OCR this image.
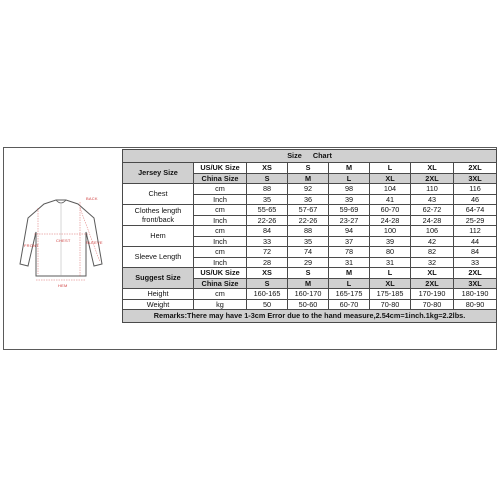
BACK
CHEST
FRONT
SLEEVE
HEM
Size Chart							
Jersey Size	US/UK Size	XS	S	M	L	XL	2XL
	China Size	S	M	L	XL	2XL	3XL
Chest	cm	88	92	98	104	110	116
	Inch	35	36	39	41	43	46
Clothes length front/back	cm	55-65	57-67	59-69	60-70	62-72	64-74
	Inch	22-26	22-26	23-27	24-28	24-28	25-29
Hem	cm	84	88	94	100	106	112
	Inch	33	35	37	39	42	44
Sleeve Length	cm	72	74	78	80	82	84
	Inch	28	29	31	31	32	33
Suggest Size	US/UK Size	XS	S	M	L	XL	2XL
	China Size	S	M	L	XL	2XL	3XL
Height	cm	160-165	160-170	165-175	175-185	170-190	180-190
Weight	kg	50	50-60	60-70	70-80	70-80	80-90
Remarks:There may have 1-3cm Error due to the hand measure,2.54cm=1inch.1kg=2.2lbs.							
